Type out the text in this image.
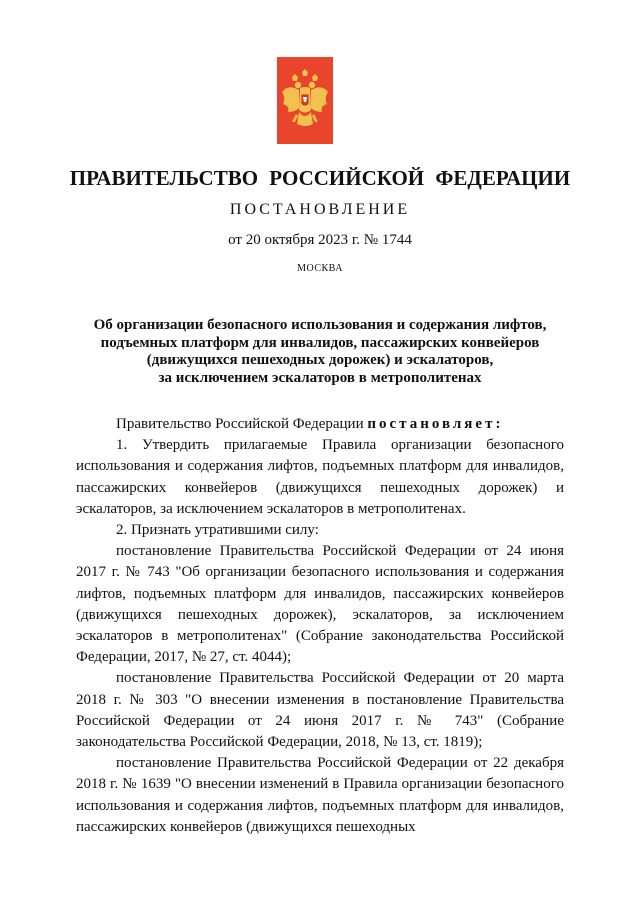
ПРАВИТЕЛЬСТВО РОССИЙСКОЙ ФЕДЕРАЦИИ
ПОСТАНОВЛЕНИЕ
от 20 октября 2023 г. № 1744
МОСКВА
Об организации безопасного использования и содержания лифтов,
подъемных платформ для инвалидов, пассажирских конвейеров
(движущихся пешеходных дорожек) и эскалаторов,
за исключением эскалаторов в метрополитенах

Правительство Российской Федерации постановляет:

1. Утвердить прилагаемые Правила организации безопасного использования и содержания лифтов, подъемных платформ для инвалидов, пассажирских конвейеров (движущихся пешеходных дорожек) и эскалаторов, за исключением эскалаторов в метрополитенах.

2. Признать утратившими силу:

постановление Правительства Российской Федерации от 24 июня 2017 г. № 743 "Об организации безопасного использования и содержания лифтов, подъемных платформ для инвалидов, пассажирских конвейеров (движущихся пешеходных дорожек), эскалаторов, за исключением эскалаторов в метрополитенах" (Собрание законодательства Российской Федерации, 2017, № 27, ст. 4044);

постановление Правительства Российской Федерации от 20 марта 2018 г. № 303 "О внесении изменения в постановление Правительства Российской Федерации от 24 июня 2017 г. № 743" (Собрание законодательства Российской Федерации, 2018, № 13, ст. 1819);

постановление Правительства Российской Федерации от 22 декабря 2018 г. № 1639 "О внесении изменений в Правила организации безопасного использования и содержания лифтов, подъемных платформ для инвалидов, пассажирских конвейеров (движущихся пешеходных
